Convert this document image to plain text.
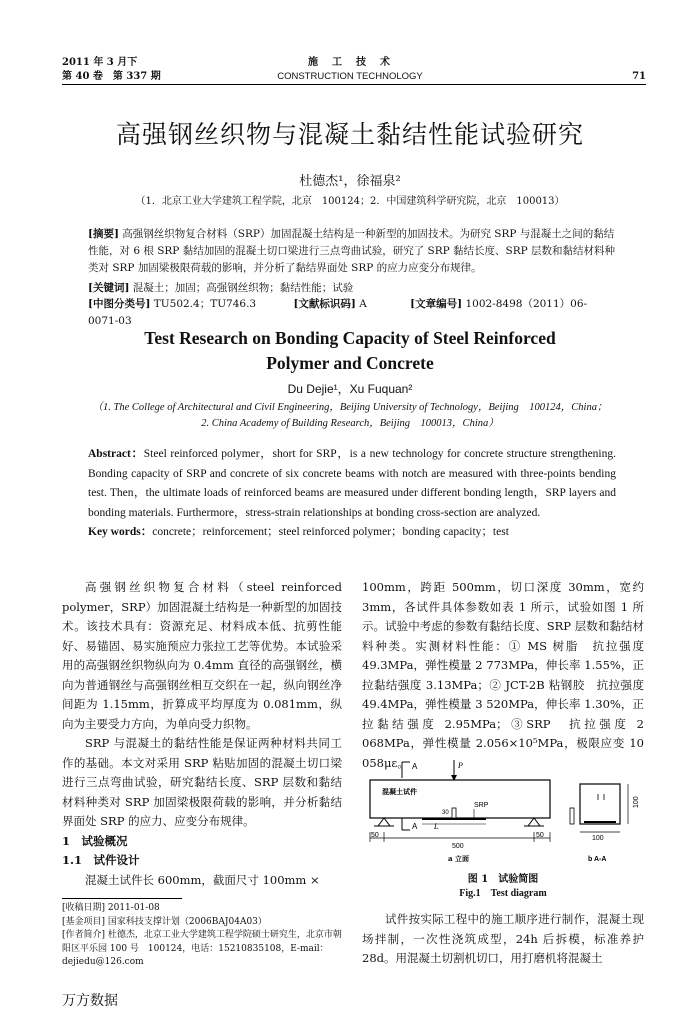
2011 年 3 月下
第 40 卷　第 337 期
施　工　技　术
CONSTRUCTION TECHNOLOGY	71
高强钢丝织物与混凝土黏结性能试验研究
杜德杰¹，徐福泉²
（1．北京工业大学建筑工程学院，北京　100124；2．中国建筑科学研究院，北京　100013）
[摘要] 高强钢丝织物复合材料（SRP）加固混凝土结构是一种新型的加固技术。为研究 SRP 与混凝土之间的黏结性能，对 6 根 SRP 黏结加固的混凝土切口梁进行三点弯曲试验，研究了 SRP 黏结长度、SRP 层数和黏结材料种类对 SRP 加固梁极限荷载的影响，并分析了黏结界面处 SRP 的应力应变分布规律。
[关键词] 混凝土；加固；高强钢丝织物；黏结性能；试验
[中图分类号] TU502.4；TU746.3	[文献标识码] A	[文章编号] 1002-8498（2011）06-0071-03
Test Research on Bonding Capacity of Steel Reinforced
Polymer and Concrete
Du Dejie¹，Xu Fuquan²
（1. The College of Architectural and Civil Engineering，Beijing University of Technology，Beijing　100124，China；
2. China Academy of Building Research，Beijing　100013，China）
Abstract：Steel reinforced polymer，short for SRP，is a new technology for concrete structure strengthening. Bonding capacity of SRP and concrete of six concrete beams with notch are measured with three-points bending test. Then，the ultimate loads of reinforced beams are measured under different bonding length，SRP layers and bonding materials. Furthermore，stress-strain relationships at bonding cross-section are analyzed.
Key words：concrete；reinforcement；steel reinforced polymer；bonding capacity；test

高强钢丝织物复合材料（steel reinforced polymer，SRP）加固混凝土结构是一种新型的加固技术。该技术具有：资源充足、材料成本低、抗剪性能好、易锚固、易实施预应力张拉工艺等优势。本试验采用的高强钢丝织物纵向为 0.4mm 直径的高强钢丝，横向为普通钢丝与高强钢丝相互交织在一起，纵向钢丝净间距为 1.15mm，折算成平均厚度为 0.081mm，纵向为主要受力方向，为单向受力织物。

SRP 与混凝土的黏结性能是保证两种材料共同工作的基础。本文对采用 SRP 粘贴加固的混凝土切口梁进行三点弯曲试验，研究黏结长度、SRP 层数和黏结材料种类对 SRP 加固梁极限荷载的影响，并分析黏结界面处 SRP 的应力、应变分布规律。

1　试验概况
1.1　试件设计

混凝土试件长 600mm，截面尺寸 100mm ×

[收稿日期] 2011-01-08
[基金项目] 国家科技支撑计划（2006BAJ04A03）
[作者简介] 杜德杰，北京工业大学建筑工程学院硕士研究生，北京市朝阳区平乐园 100 号　100124，电话：15210835108，E-mail：dejiedu@126.com

100mm，跨距 500mm，切口深度 30mm，宽约 3mm，各试件具体参数如表 1 所示，试验如图 1 所示。试验中考虑的参数有黏结长度、SRP 层数和黏结材料种类。实测材料性能：① MS 树脂　抗拉强度 49.3MPa，弹性模量 2 773MPa，伸长率 1.55%，正拉黏结强度 3.13MPa；② JCT-2B 粘钢胶　抗拉强度 49.4MPa，弹性模量 3 520MPa，伸长率 1.30%，正拉黏结强度 2.95MPa；③SRP　抗拉强度 2 068MPa，弹性模量 2.056×10⁵MPa，极限应变 10 058με。 A	P
混凝土试件
30
SRP
L
A
50
500
50
a 立面
100
100
b A-A
图 1　试验简图
Fig.1　Test diagram

试件按实际工程中的施工顺序进行制作，混凝土现场拌制，一次性浇筑成型，24h 后拆模，标准养护 28d。用混凝土切割机切口，用打磨机将混凝土

万方数据
